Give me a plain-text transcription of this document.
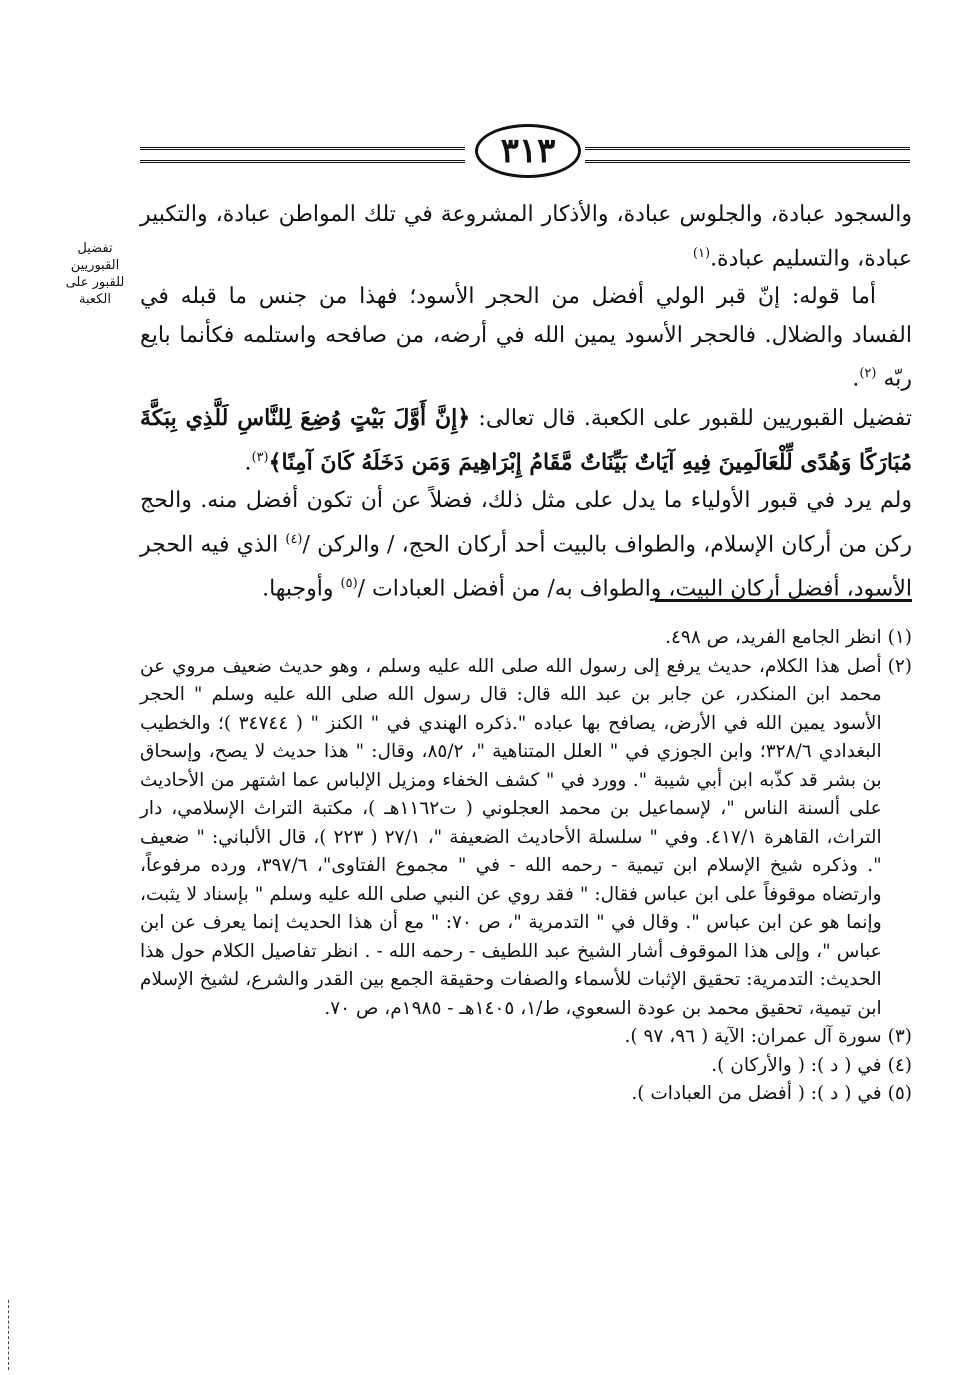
٣١٣
تفضيل القبوريين للقبور على الكعبة

والسجود عبادة، والجلوس عبادة، والأذكار المشروعة في تلك المواطن عبادة، والتكبير عبادة، والتسليم عبادة.$^{(١)}$

أما قوله: إنّ قبر الولي أفضل من الحجر الأسود؛ فهذا من جنس ما قبله في الفساد والضلال. فالحجر الأسود يمين الله في أرضه، من صافحه واستلمه فكأنما بايع ربّه $^{(٢)}$.

تفضيل القبوريين للقبور على الكعبة. قال تعالى: ﴿إِنَّ أَوَّلَ بَيْتٍ وُضِعَ لِلنَّاسِ لَلَّذِي بِبَكَّةَ مُبَارَكًا وَهُدًى لِّلْعَالَمِينَ فِيهِ آيَاتٌ بَيِّنَاتٌ مَّقَامُ إِبْرَاهِيمَ وَمَن دَخَلَهُ كَانَ آمِنًا﴾$^{(٣)}$.

ولم يرد في قبور الأولياء ما يدل على مثل ذلك، فضلاً عن أن تكون أفضل منه. والحج ركن من أركان الإسلام، والطواف بالبيت أحد أركان الحج، / والركن /$^{(٤)}$ الذي فيه الحجر الأسود، أفضل أركان البيت، والطواف به/ من أفضل العبادات /$^{(٥)}$ وأوجبها.

(١)
انظر الجامع الفريد، ص ٤٩٨.
(٢)
أصل هذا الكلام، حديث يرفع إلى رسول الله صلى الله عليه وسلم ، وهو حديث ضعيف مروي عن محمد ابن المنكدر، عن جابر بن عبد الله قال: قال رسول الله صلى الله عليه وسلم " الحجر الأسود يمين الله في الأرض، يصافح بها عباده ".ذكره الهندي في " الكنز " ( ٣٤٧٤٤ )؛ والخطيب البغدادي ٣٢٨/٦؛ وابن الجوزي في " العلل المتناهية "، ٨٥/٢، وقال: " هذا حديث لا يصح، وإسحاق بن بشر قد كذّبه ابن أبي شيبة ". وورد في " كشف الخفاء ومزيل الإلباس عما اشتهر من الأحاديث على ألسنة الناس "، لإسماعيل بن محمد العجلوني ( ت١١٦٢هـ )، مكتبة التراث الإسلامي، دار التراث، القاهرة ٤١٧/١. وفي " سلسلة الأحاديث الضعيفة "، ٢٧/١ ( ٢٢٣ )، قال الألباني: " ضعيف ". وذكره شيخ الإسلام ابن تيمية - رحمه الله - في " مجموع الفتاوى"، ٣٩٧/٦، ورده مرفوعاً، وارتضاه موقوفاً على ابن عباس فقال: " فقد روي عن النبي صلى الله عليه وسلم " بإسناد لا يثبت، وإنما هو عن ابن عباس ". وقال في " التدمرية "، ص ٧٠: " مع أن هذا الحديث إنما يعرف عن ابن عباس "، وإلى هذا الموقوف أشار الشيخ عبد اللطيف - رحمه الله - . انظر تفاصيل الكلام حول هذا الحديث: التدمرية: تحقيق الإثبات للأسماء والصفات وحقيقة الجمع بين القدر والشرع، لشيخ الإسلام ابن تيمية، تحقيق محمد بن عودة السعوي، ط/١، ١٤٠٥هـ - ١٩٨٥م، ص ٧٠.
(٣)
سورة آل عمران: الآية ( ٩٦، ٩٧ ).
(٤)
في ( د ): ( والأركان ).
(٥)
في ( د ): ( أفضل من العبادات ).
